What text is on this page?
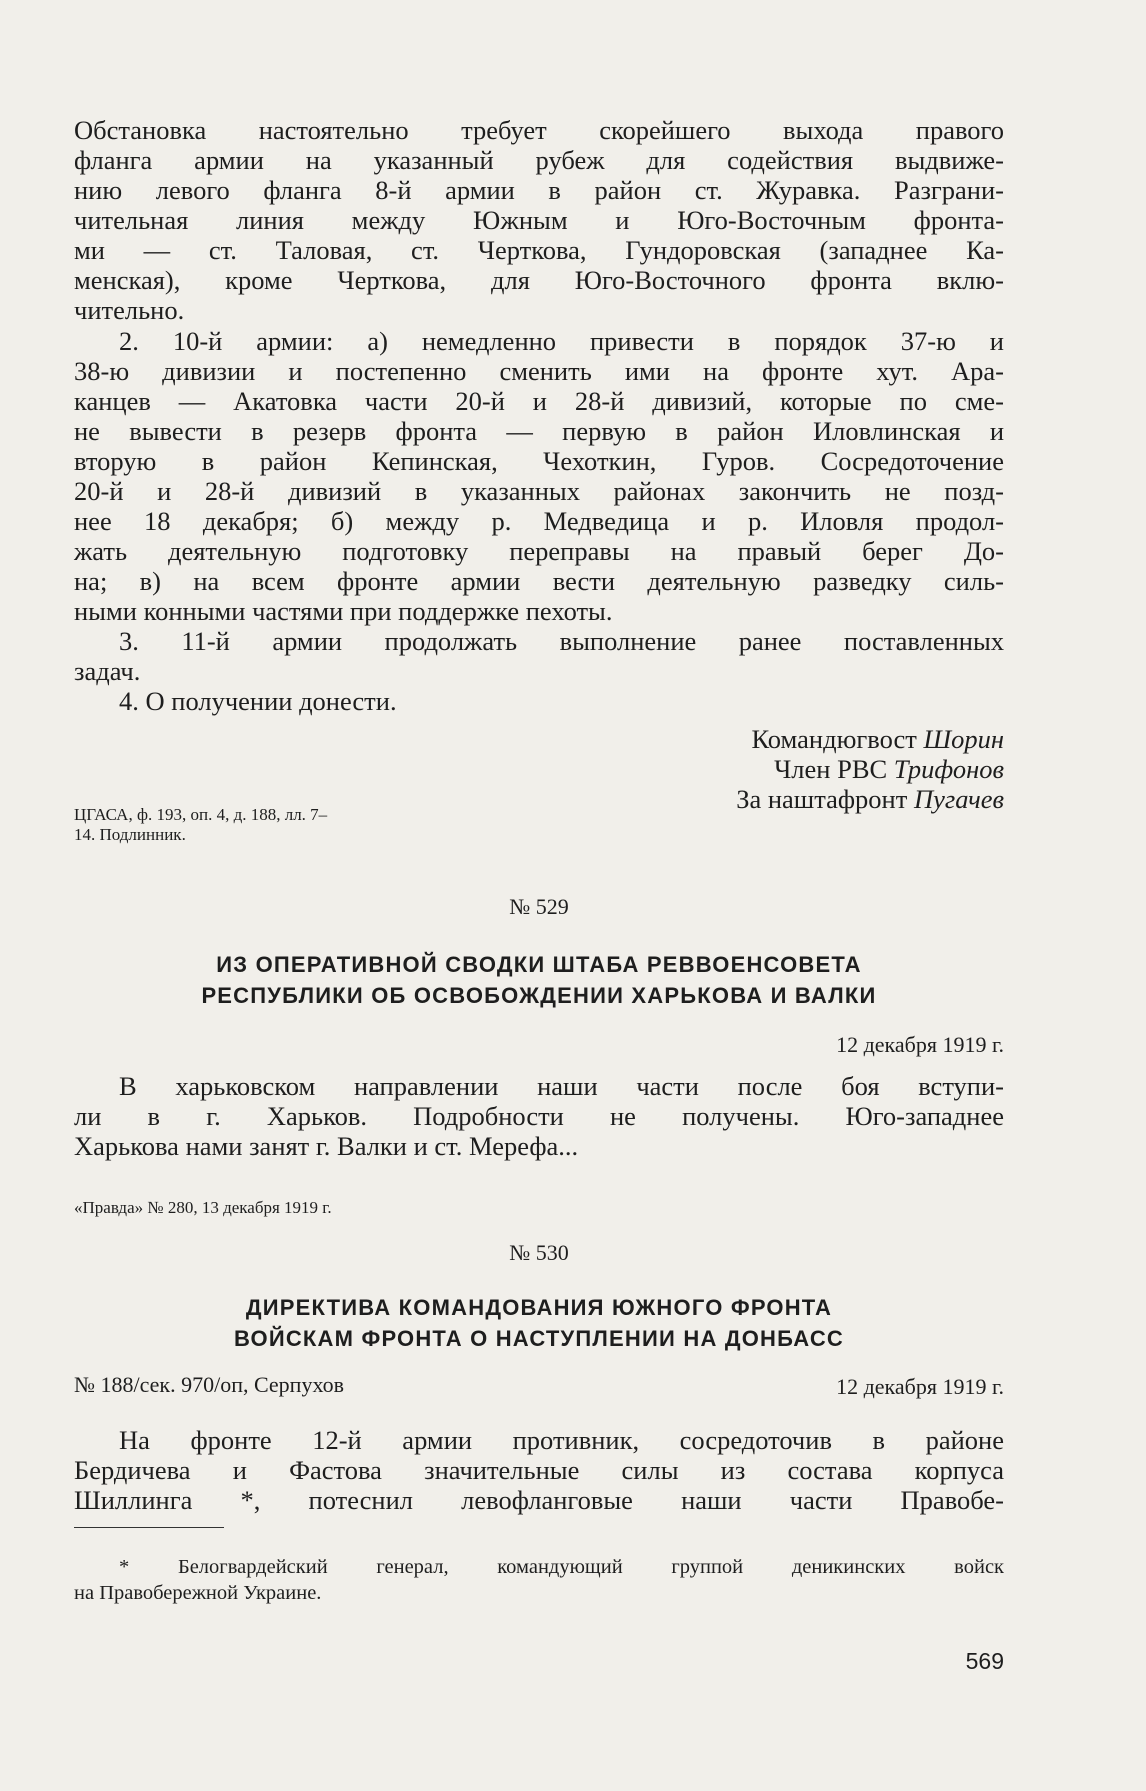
Обстановка настоятельно требует скорейшего выхода правого
фланга армии на указанный рубеж для содействия выдвиже-
нию левого фланга 8-й армии в район ст. Журавка. Разграни-
чительная линия между Южным и Юго-Восточным фронта-
ми — ст. Таловая, ст. Черткова, Гундоровская (западнее Ка-
менская), кроме Черткова, для Юго-Восточного фронта вклю-
чительно.
2. 10-й армии: а) немедленно привести в порядок 37-ю и
38-ю дивизии и постепенно сменить ими на фронте хут. Ара-
канцев — Акатовка части 20-й и 28-й дивизий, которые по сме-
не вывести в резерв фронта — первую в район Иловлинская и
вторую в район Кепинская, Чехоткин, Гуров. Сосредоточение
20-й и 28-й дивизий в указанных районах закончить не позд-
нее 18 декабря; б) между р. Медведица и р. Иловля продол-
жать деятельную подготовку переправы на правый берег До-
на; в) на всем фронте армии вести деятельную разведку силь-
ными конными частями при поддержке пехоты.
3. 11-й армии продолжать выполнение ранее поставленных
задач.
4. О получении донести.
Командюгвост Шорин
Член РВС Трифонов
За наштафронт Пугачев
ЦГАСА, ф. 193, оп. 4, д. 188, лл. 7–
14. Подлинник.
№ 529
ИЗ ОПЕРАТИВНОЙ СВОДКИ ШТАБА РЕВВОЕНСОВЕТА
РЕСПУБЛИКИ ОБ ОСВОБОЖДЕНИИ ХАРЬКОВА И ВАЛКИ
12 декабря 1919 г.
В харьковском направлении наши части после боя вступи-
ли в г. Харьков. Подробности не получены. Юго-западнее
Харькова нами занят г. Валки и ст. Мерефа...
«Правда» № 280, 13 декабря 1919 г.
№ 530
ДИРЕКТИВА КОМАНДОВАНИЯ ЮЖНОГО ФРОНТА
ВОЙСКАМ ФРОНТА О НАСТУПЛЕНИИ НА ДОНБАСС
№ 188/сек. 970/оп, Серпухов	12 декабря 1919 г.
На фронте 12-й армии противник, сосредоточив в районе
Бердичева и Фастова значительные силы из состава корпуса
Шиллинга *, потеснил левофланговые наши части Правобе-
* Белогвардейский генерал, командующий группой деникинских войск
на Правобережной Украине.
569
